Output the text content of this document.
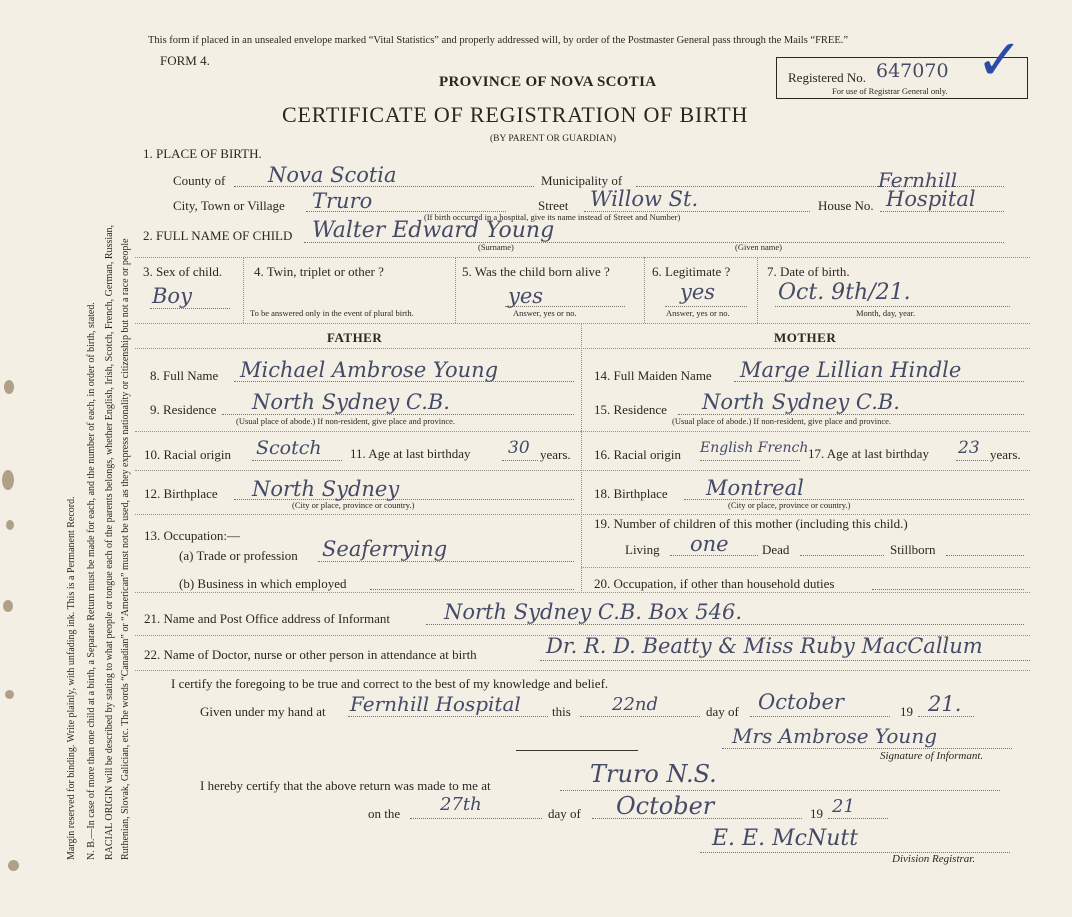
Margin reserved for binding. Write plainly, with unfading ink. This is a Permanent Record. N. B.—In case of more than one child at a birth, a Separate Return must be made for each, and the number of each, in order of birth, stated. RACIAL ORIGIN will be described by stating to what people or tongue each of the parents belongs, whether English, Irish, Scotch, French, German, Russian, Ruthenian, Slovak, Galician, etc. The words “Canadian” or “American” must not be used, as they express nationality or citizenship but not a race or people
This form if placed in an unsealed envelope marked “Vital Statistics” and properly addressed will, by order of the Postmaster General pass through the Mails “FREE.”
FORM 4.
Registered No. 647070
For use of Registrar General only. ✓
PROVINCE OF NOVA SCOTIA
CERTIFICATE OF REGISTRATION OF BIRTH
(BY PARENT OR GUARDIAN)
1. PLACE OF BIRTH.
County of Nova Scotia	Municipality of	Fernhill
City, Town or Village Truro	Street Willow St.	House No. Hospital
(If birth occurred in a hospital, give its name instead of Street and Number)
2. FULL NAME OF CHILD Walter Edward Young
(Surname)	(Given name)
3. Sex of child.
Boy
4. Twin, triplet or other ?
To be answered only in the event of plural birth.
5. Was the child born alive ?
yes
Answer, yes or no.
6. Legitimate ?
yes
Answer, yes or no.
7. Date of birth.
Oct. 9th/21.
Month, day, year.
FATHER	MOTHER
8. Full Name Michael Ambrose Young
9. Residence North Sydney C.B.
(Usual place of abode.) If non-resident, give place and province.
10. Racial origin Scotch 11. Age at last birthday 30 years.
12. Birthplace North Sydney
(City or place, province or country.)
13. Occupation:—
(a) Trade or profession Seaferrying
(b) Business in which employed
14. Full Maiden Name Marge Lillian Hindle
15. Residence North Sydney C.B.
(Usual place of abode.) If non-resident, give place and province.
16. Racial origin English French 17. Age at last birthday 23 years.
18. Birthplace Montreal
(City or place, province or country.)
19. Number of children of this mother (including this child.)
Living one	Dead	Stillborn
20. Occupation, if other than household duties
21. Name and Post Office address of Informant	North Sydney C.B. Box 546.
22. Name of Doctor, nurse or other person in attendance at birth	Dr. R. D. Beatty & Miss Ruby MacCallum
I certify the foregoing to be true and correct to the best of my knowledge and belief.
Given under my hand at Fernhill Hospital this 22nd	day of October	19 21.
Mrs Ambrose Young
Signature of Informant.
I hereby certify that the above return was made to me at	Truro N.S.
on the 27th	day of October	19 21
E. E. McNutt
Division Registrar.
